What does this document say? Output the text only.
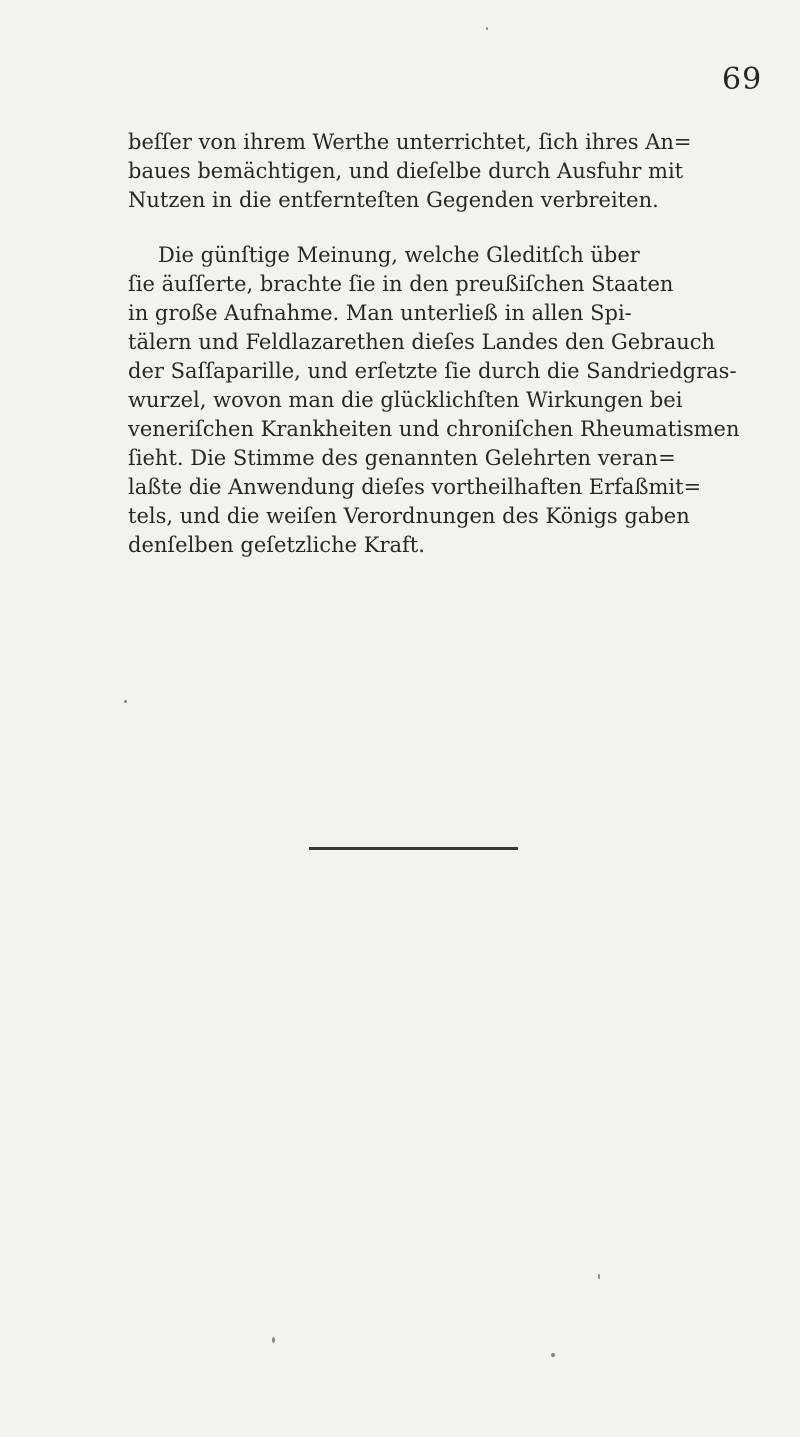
69

beſſer von ihrem Werthe unterrichtet, ſich ihres An=

baues bemächtigen, und dieſelbe durch Ausfuhr mit

Nutzen in die entfernteſten Gegenden verbreiten.

Die günſtige Meinung, welche Gleditſch über

ſie äuſſerte, brachte ſie in den preußiſchen Staaten

in große Aufnahme. Man unterließ in allen Spi-

tälern und Feldlazarethen dieſes Landes den Gebrauch

der Saſſaparille, und erſetzte ſie durch die Sandriedgras-

wurzel, wovon man die glücklichſten Wirkungen bei

veneriſchen Krankheiten und chroniſchen Rheumatismen

ſieht. Die Stimme des genannten Gelehrten veran=

laßte die Anwendung dieſes vortheilhaften Erfaßmit=

tels, und die weiſen Verordnungen des Königs gaben

denſelben geſetzliche Kraft.
